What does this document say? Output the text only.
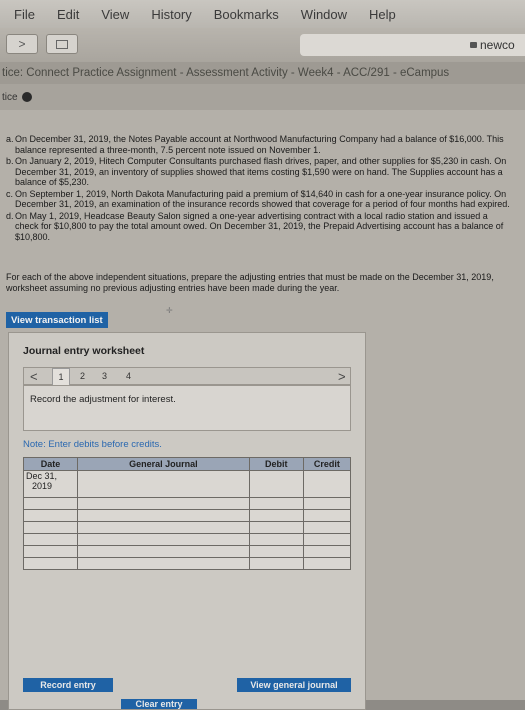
File Edit View History Bookmarks Window Help
>	newco
tice: Connect Practice Assignment - Assessment Activity - Week4 - ACC/291 - eCampus
tice
a. On December 31, 2019, the Notes Payable account at Northwood Manufacturing Company had a balance of $16,000. This balance represented a three-month, 7.5 percent note issued on November 1.
b. On January 2, 2019, Hitech Computer Consultants purchased flash drives, paper, and other supplies for $5,230 in cash. On December 31, 2019, an inventory of supplies showed that items costing $1,590 were on hand. The Supplies account has a balance of $5,230.
c. On September 1, 2019, North Dakota Manufacturing paid a premium of $14,640 in cash for a one-year insurance policy. On December 31, 2019, an examination of the insurance records showed that coverage for a period of four months had expired.
d. On May 1, 2019, Headcase Beauty Salon signed a one-year advertising contract with a local radio station and issued a check for $10,800 to pay the total amount owed. On December 31, 2019, the Prepaid Advertising account has a balance of $10,800.
For each of the above independent situations, prepare the adjusting entries that must be made on the December 31, 2019, worksheet assuming no previous adjusting entries have been made during the year.
View transaction list
✛
Journal entry worksheet
<	1	2 3 4	>
Record the adjustment for interest.
Note: Enter debits before credits.
Date	General Journal	Debit	Credit

Dec 31,
2019			

Record entry	View general journal
Clear entry
